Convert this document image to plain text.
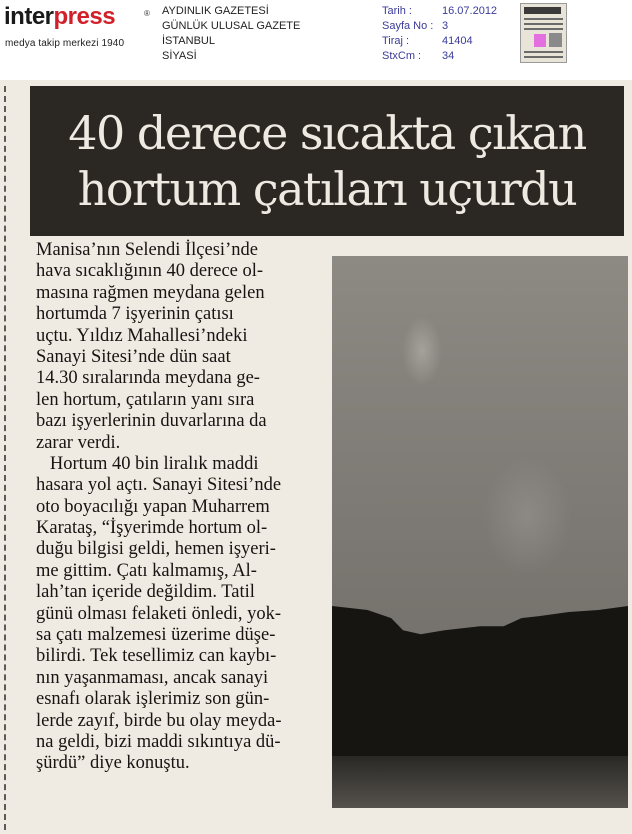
interpress	®
medya takip merkezi 1940
AYDINLIK GAZETESİ
GÜNLÜK ULUSAL GAZETE
İSTANBUL
SİYASİ
Tarih :	16.07.2012
Sayfa No : 3
Tiraj :	41404
StxCm : 34
40 derece sıcakta çıkan
hortum çatıları uçurdu
Manisa’nın Selendi İlçesi’nde
hava sıcaklığının 40 derece ol-
masına rağmen meydana gelen
hortumda 7 işyerinin çatısı
uçtu. Yıldız Mahallesi’ndeki
Sanayi Sitesi’nde dün saat
14.30 sıralarında meydana ge-
len hortum, çatıların yanı sıra
bazı işyerlerinin duvarlarına da
zarar verdi.
Hortum 40 bin liralık maddi
hasara yol açtı. Sanayi Sitesi’nde
oto boyacılığı yapan Muharrem
Karataş, “İşyerimde hortum ol-
duğu bilgisi geldi, hemen işyeri-
me gittim. Çatı kalmamış, Al-
lah’tan içeride değildim. Tatil
günü olması felaketi önledi, yok-
sa çatı malzemesi üzerime düşe-
bilirdi. Tek tesellimiz can kaybı-
nın yaşanmaması, ancak sanayi
esnafı olarak işlerimiz son gün-
lerde zayıf, birde bu olay meyda-
na geldi, bizi maddi sıkıntıya dü-
şürdü” diye konuştu.
